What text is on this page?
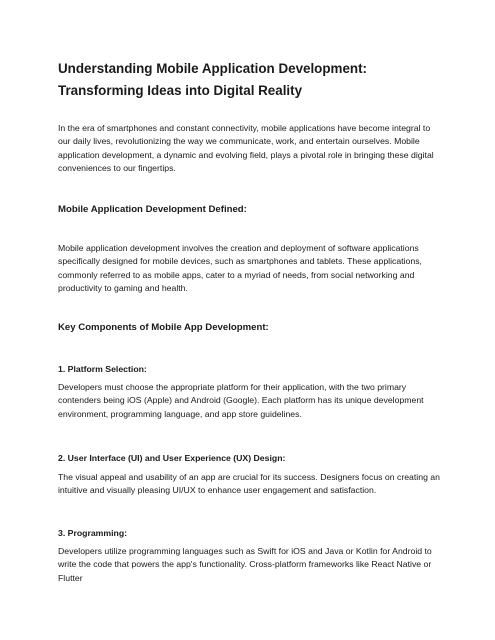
Understanding Mobile Application Development: Transforming Ideas into Digital Reality

In the era of smartphones and constant connectivity, mobile applications have become integral to our daily lives, revolutionizing the way we communicate, work, and entertain ourselves. Mobile application development, a dynamic and evolving field, plays a pivotal role in bringing these digital conveniences to our fingertips.

Mobile Application Development Defined:

Mobile application development involves the creation and deployment of software applications specifically designed for mobile devices, such as smartphones and tablets. These applications, commonly referred to as mobile apps, cater to a myriad of needs, from social networking and productivity to gaming and health.

Key Components of Mobile App Development:
1. Platform Selection:

Developers must choose the appropriate platform for their application, with the two primary contenders being iOS (Apple) and Android (Google). Each platform has its unique development environment, programming language, and app store guidelines.

2. User Interface (UI) and User Experience (UX) Design:

The visual appeal and usability of an app are crucial for its success. Designers focus on creating an intuitive and visually pleasing UI/UX to enhance user engagement and satisfaction.

3. Programming:

Developers utilize programming languages such as Swift for iOS and Java or Kotlin for Android to write the code that powers the app's functionality. Cross-platform frameworks like React Native or Flutter
